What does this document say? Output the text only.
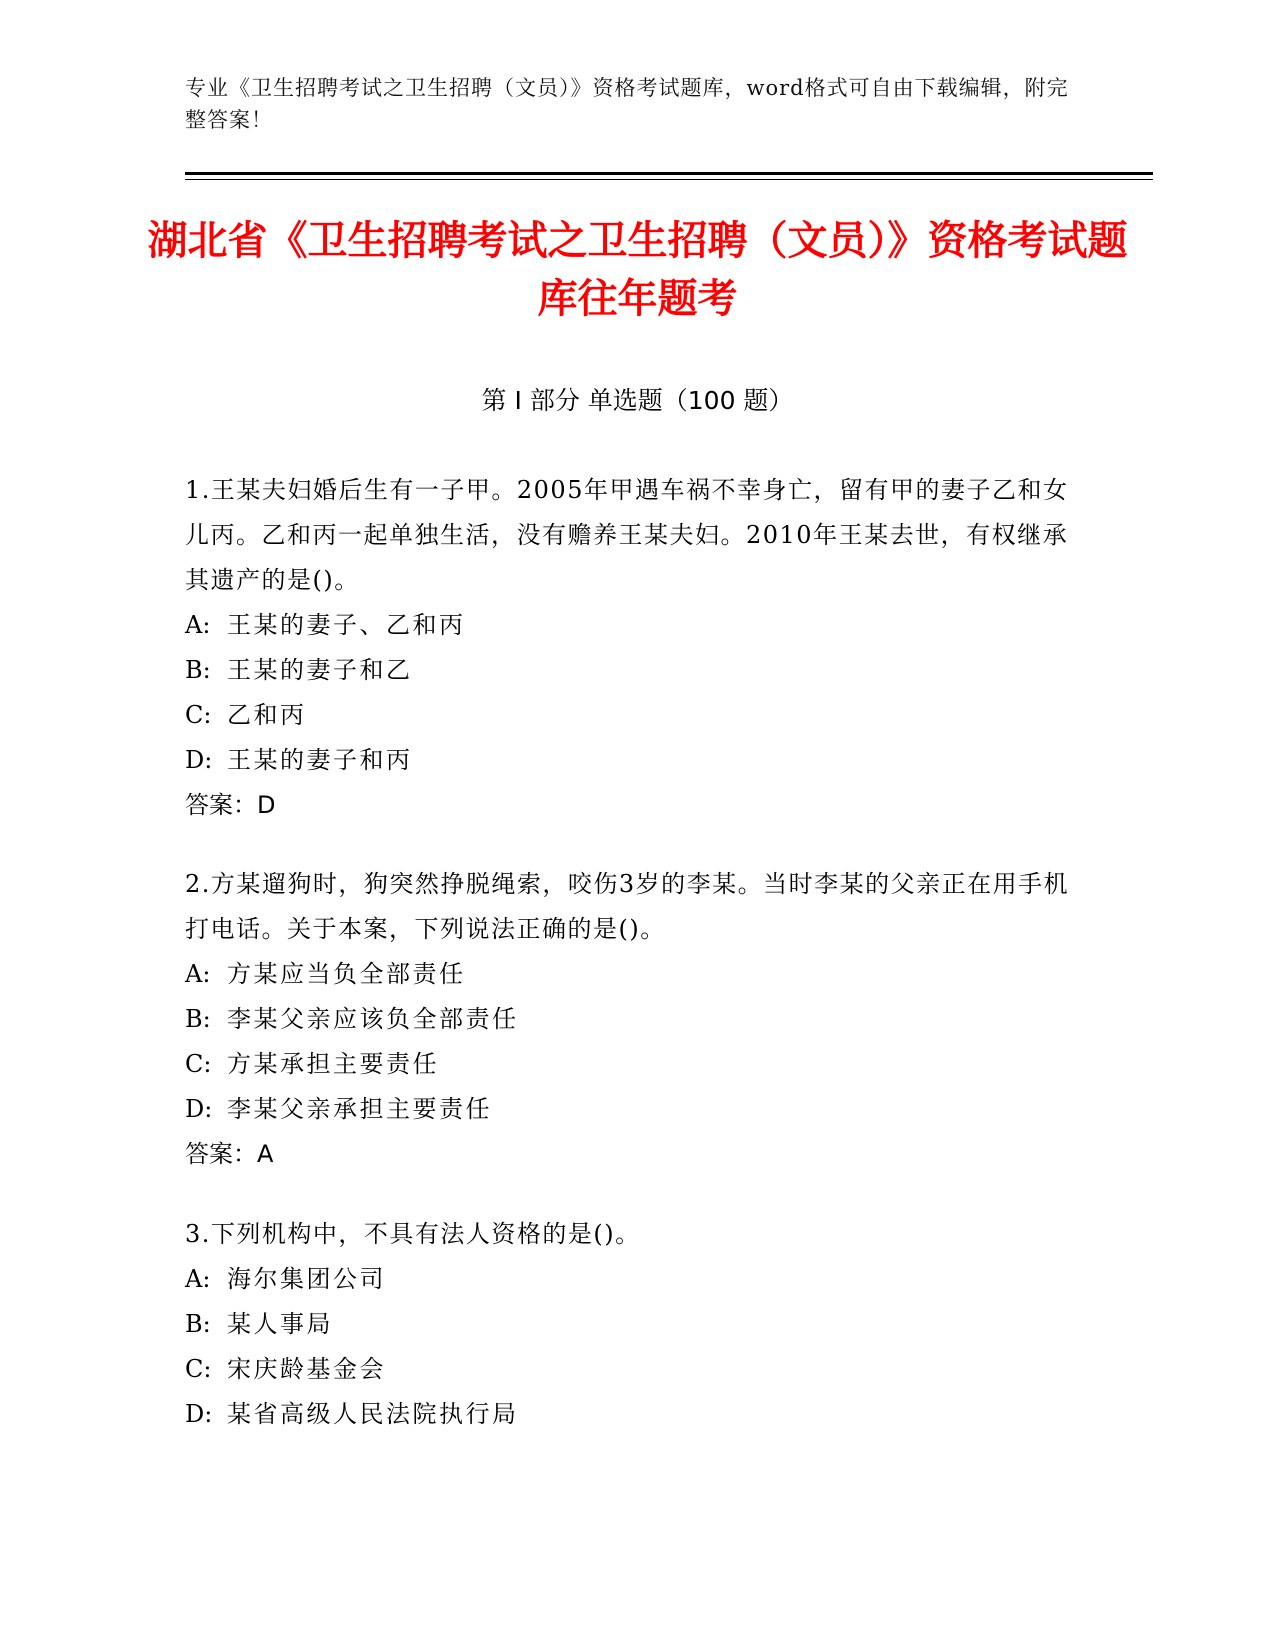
专业《卫生招聘考试之卫生招聘（文员）》资格考试题库，word格式可自由下载编辑，附完整答案！
湖北省《卫生招聘考试之卫生招聘（文员）》资格考试题库往年题考
第 I 部分 单选题（100 题）

1.王某夫妇婚后生有一子甲。2005年甲遇车祸不幸身亡，留有甲的妻子乙和女儿丙。乙和丙一起单独生活，没有赡养王某夫妇。2010年王某去世，有权继承其遗产的是()。

A: 王某的妻子、乙和丙

B: 王某的妻子和乙

C: 乙和丙

D: 王某的妻子和丙

答案：D

2.方某遛狗时，狗突然挣脱绳索，咬伤3岁的李某。当时李某的父亲正在用手机打电话。关于本案，下列说法正确的是()。

A: 方某应当负全部责任

B: 李某父亲应该负全部责任

C: 方某承担主要责任

D: 李某父亲承担主要责任

答案：A

3.下列机构中，不具有法人资格的是()。

A: 海尔集团公司

B: 某人事局

C: 宋庆龄基金会

D: 某省高级人民法院执行局
